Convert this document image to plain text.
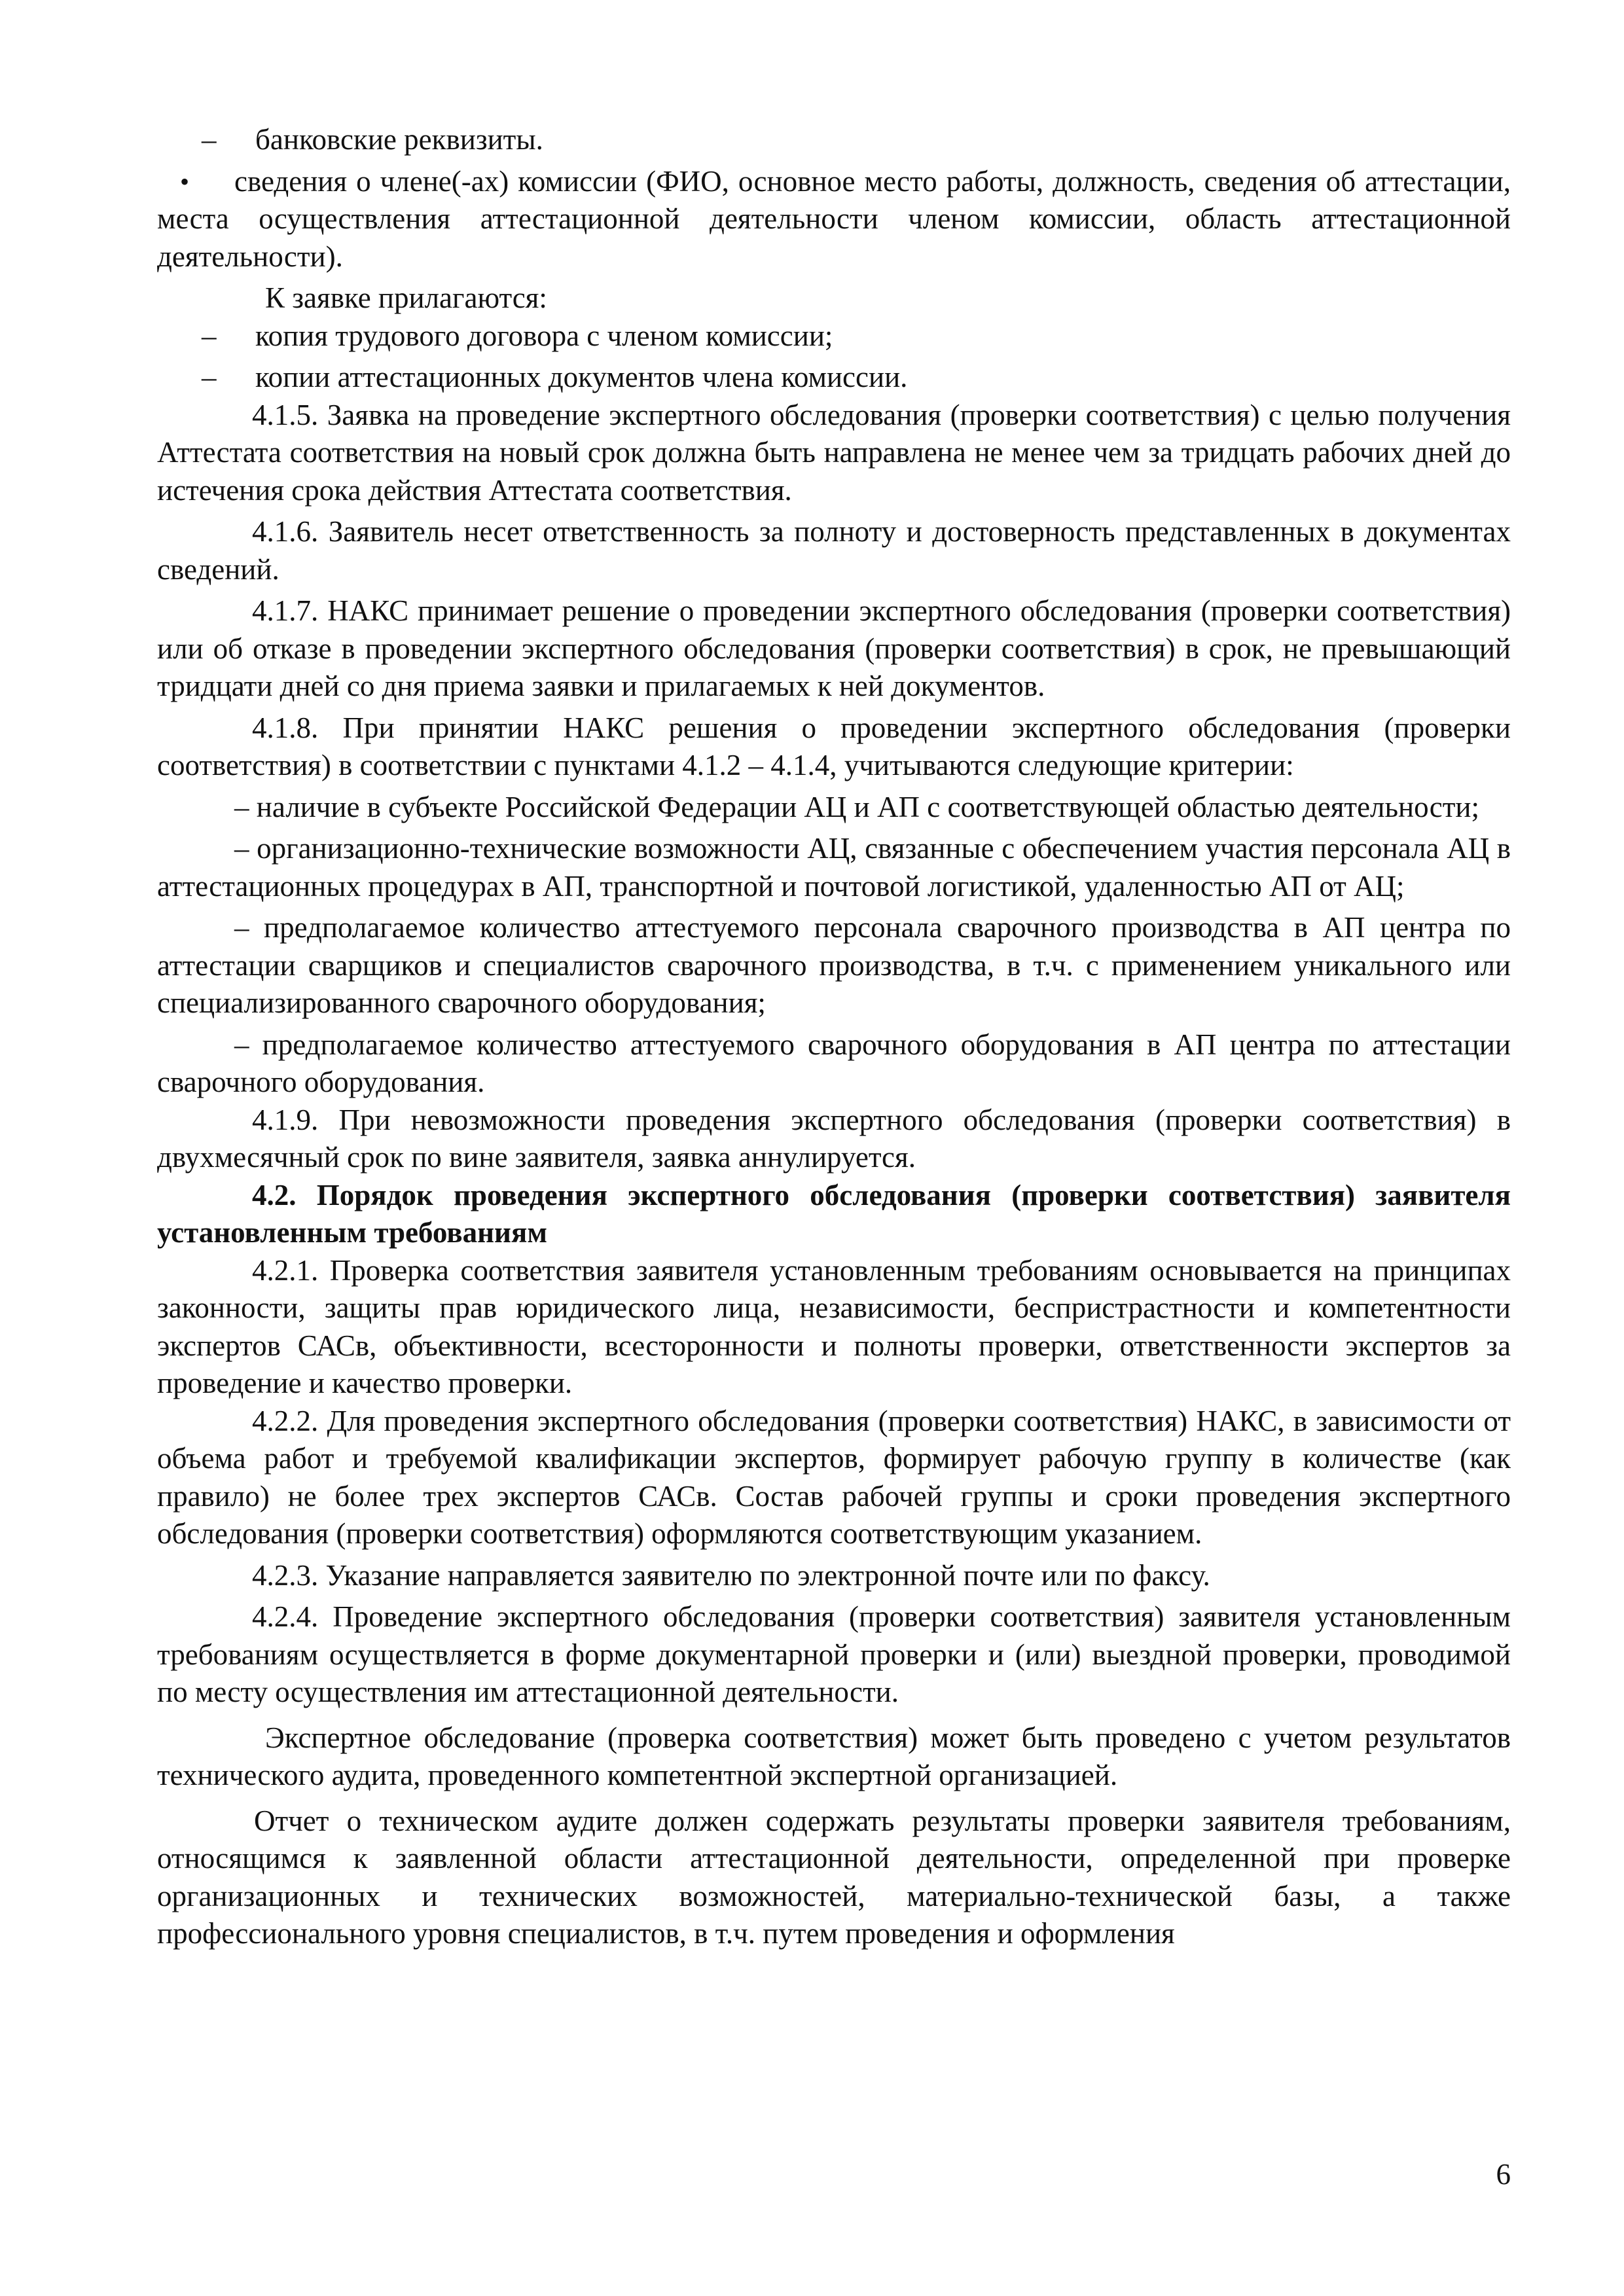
– банковские реквизиты.

• сведения о члене(-ах) комиссии (ФИО, основное место работы, должность, сведения об аттестации, места осуществления аттестационной деятельности членом комиссии, область аттестационной деятельности).

К заявке прилагаются:

– копия трудового договора с членом комиссии;

– копии аттестационных документов члена комиссии.

4.1.5. Заявка на проведение экспертного обследования (проверки соответствия) с целью получения Аттестата соответствия на новый срок должна быть направлена не менее чем за тридцать рабочих дней до истечения срока действия Аттестата соответствия.

4.1.6. Заявитель несет ответственность за полноту и достоверность представленных в документах сведений.

4.1.7. НАКС принимает решение о проведении экспертного обследования (проверки соответствия) или об отказе в проведении экспертного обследования (проверки соответствия) в срок, не превышающий тридцати дней со дня приема заявки и прилагаемых к ней документов.

4.1.8. При принятии НАКС решения о проведении экспертного обследования (проверки соответствия) в соответствии с пунктами 4.1.2 – 4.1.4, учитываются следующие критерии:

– наличие в субъекте Российской Федерации АЦ и АП с соответствующей областью деятельности;

– организационно-технические возможности АЦ, связанные с обеспечением участия персонала АЦ в аттестационных процедурах в АП, транспортной и почтовой логистикой, удаленностью АП от АЦ;

– предполагаемое количество аттестуемого персонала сварочного производства в АП центра по аттестации сварщиков и специалистов сварочного производства, в т.ч. с применением уникального или специализированного сварочного оборудования;

– предполагаемое количество аттестуемого сварочного оборудования в АП центра по аттестации сварочного оборудования.

4.1.9. При невозможности проведения экспертного обследования (проверки соответствия) в двухмесячный срок по вине заявителя, заявка аннулируется.

4.2. Порядок проведения экспертного обследования (проверки соответствия) заявителя установленным требованиям

4.2.1. Проверка соответствия заявителя установленным требованиям основывается на принципах законности, защиты прав юридического лица, независимости, беспристрастности и компетентности экспертов САСв, объективности, всесторонности и полноты проверки, ответственности экспертов за проведение и качество проверки.

4.2.2. Для проведения экспертного обследования (проверки соответствия) НАКС, в зависимости от объема работ и требуемой квалификации экспертов, формирует рабочую группу в количестве (как правило) не более трех экспертов САСв. Состав рабочей группы и сроки проведения экспертного обследования (проверки соответствия) оформляются соответствующим указанием.

4.2.3. Указание направляется заявителю по электронной почте или по факсу.

4.2.4. Проведение экспертного обследования (проверки соответствия) заявителя установленным требованиям осуществляется в форме документарной проверки и (или) выездной проверки, проводимой по месту осуществления им аттестационной деятельности.

Экспертное обследование (проверка соответствия) может быть проведено с учетом результатов технического аудита, проведенного компетентной экспертной организацией.

Отчет о техническом аудите должен содержать результаты проверки заявителя требованиям, относящимся к заявленной области аттестационной деятельности, определенной при проверке организационных и технических возможностей, материально-технической базы, а также профессионального уровня специалистов, в т.ч. путем проведения и оформления

6
